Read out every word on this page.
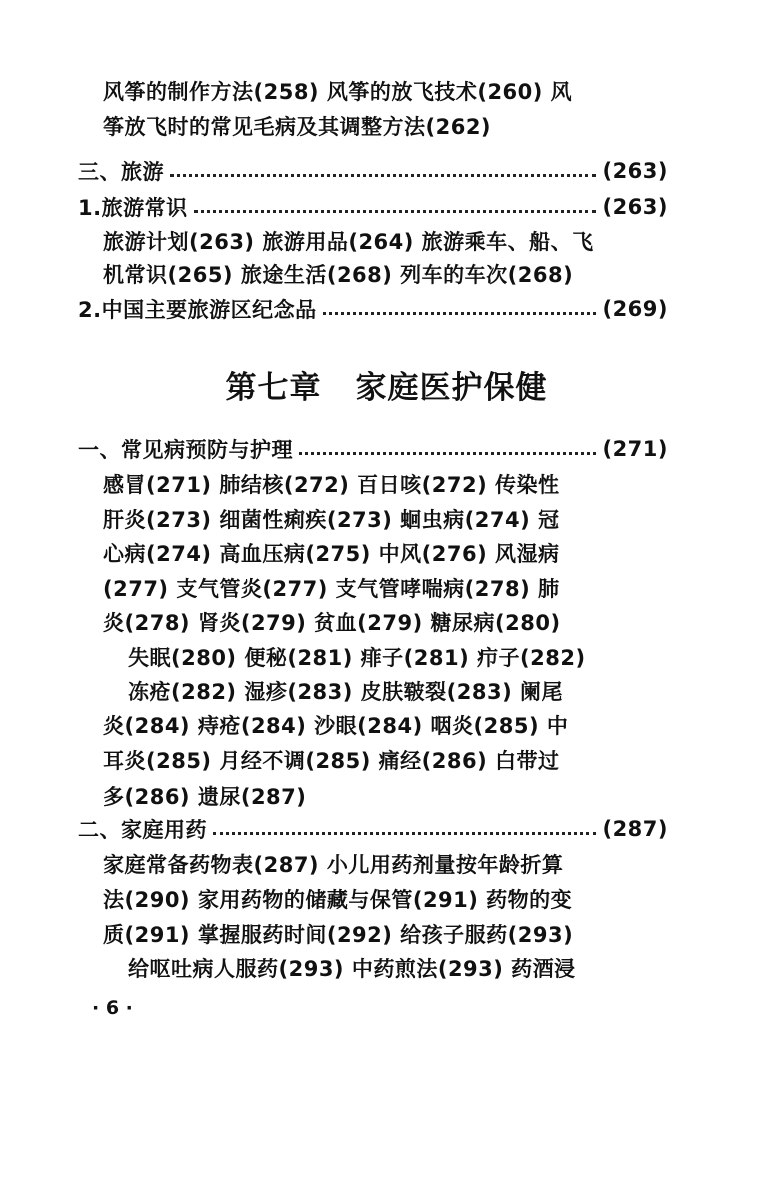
风筝的制作方法(258) 风筝的放飞技术(260) 风
筝放飞时的常见毛病及其调整方法(262)
三、旅游	(263)
1.旅游常识	(263)
旅游计划(263) 旅游用品(264) 旅游乘车、船、飞
机常识(265) 旅途生活(268) 列车的车次(268)
2.中国主要旅游区纪念品	(269)
第七章 家庭医护保健
一、常见病预防与护理	(271)
感冒(271) 肺结核(272) 百日咳(272) 传染性
肝炎(273) 细菌性痢疾(273) 蛔虫病(274) 冠
心病(274) 高血压病(275) 中风(276) 风湿病
(277) 支气管炎(277) 支气管哮喘病(278) 肺
炎(278) 肾炎(279) 贫血(279) 糖尿病(280)
失眠(280) 便秘(281) 痱子(281) 疖子(282)
冻疮(282) 湿疹(283) 皮肤皲裂(283) 阑尾
炎(284) 痔疮(284) 沙眼(284) 咽炎(285) 中
耳炎(285) 月经不调(285) 痛经(286) 白带过
多(286) 遗尿(287)
二、家庭用药	(287)
家庭常备药物表(287) 小儿用药剂量按年龄折算
法(290) 家用药物的储藏与保管(291) 药物的变
质(291) 掌握服药时间(292) 给孩子服药(293)
给呕吐病人服药(293) 中药煎法(293) 药酒浸
· 6 ·
